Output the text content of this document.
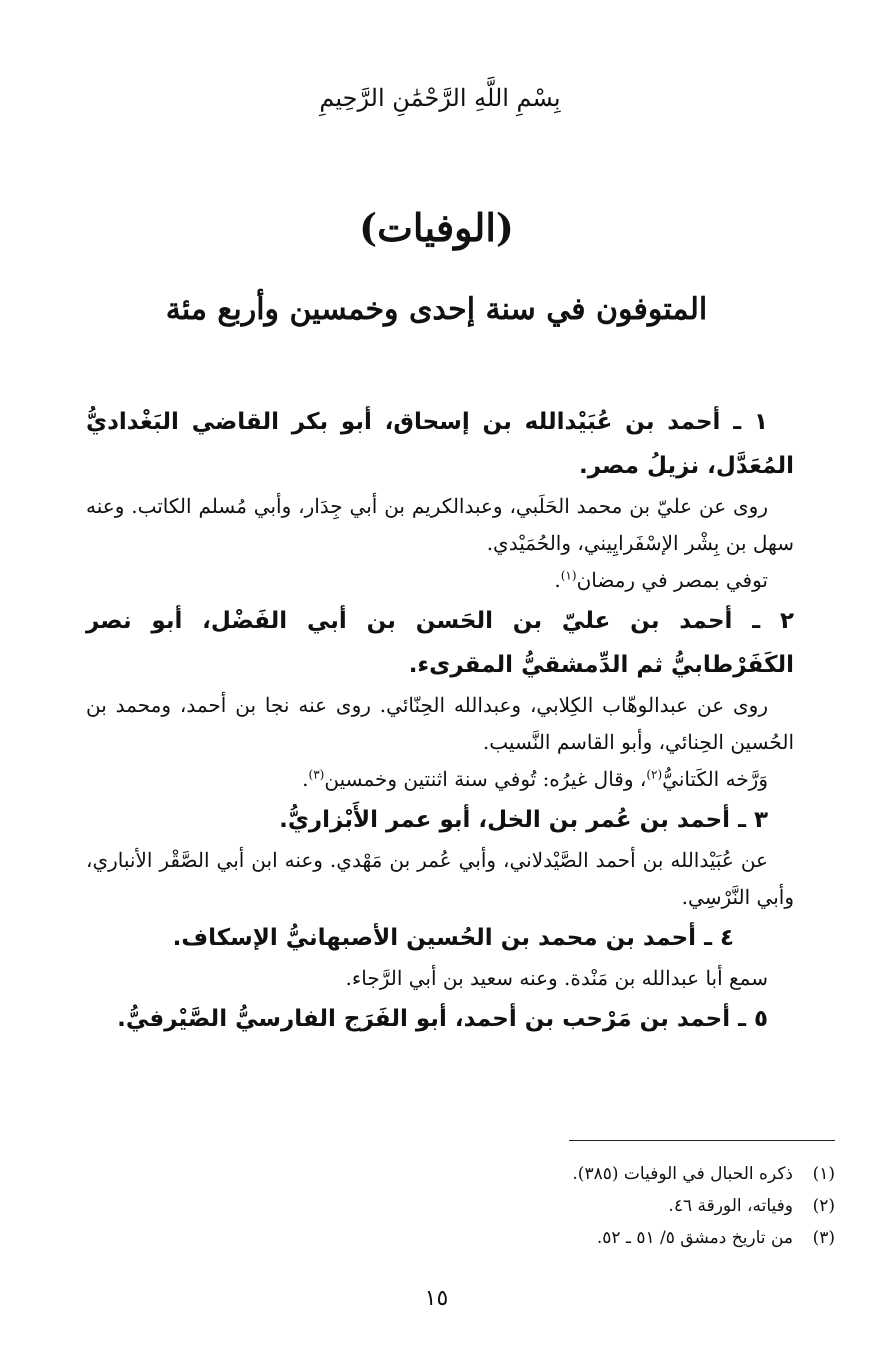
بِسْمِ اللَّهِ الرَّحْمَٰنِ الرَّحِيمِ
(الوفيات)
المتوفون في سنة إحدى وخمسين وأربع مئة

١ ـ أحمد بن عُبَيْدالله بن إسحاق، أبو بكر القاضي البَغْداديُّ المُعَدَّل، نزيلُ مصر.

روى عن عليّ بن محمد الحَلَبي، وعبدالكريم بن أبي جِدَار، وأبي مُسلم الكاتب. وعنه سهل بن بِشْر الإسْفَرايِيني، والحُمَيْدي.

توفي بمصر في رمضان$^{(١)}$.

٢ ـ أحمد بن عليّ بن الحَسن بن أبي الفَضْل، أبو نصر الكَفَرْطابيُّ ثم الدِّمشقيُّ المقرىء.

روى عن عبدالوهّاب الكِلابي، وعبدالله الحِنّائي. روى عنه نجا بن أحمد، ومحمد بن الحُسين الحِنائي، وأبو القاسم النَّسيب.

وَرَّخه الكَتانيُّ$^{(٢)}$، وقال غيرُه: تُوفي سنة اثنتين وخمسين$^{(٣)}$.

٣ ـ أحمد بن عُمر بن الخل، أبو عمر الأَبْزاريُّ.

عن عُبَيْدالله بن أحمد الصَّيْدلاني، وأبي عُمر بن مَهْدي. وعنه ابن أبي الصَّقْر الأنباري، وأبي النَّرْسِي.

٤ ـ أحمد بن محمد بن الحُسين الأصبهانيُّ الإسكاف.

سمع أبا عبدالله بن مَنْدة. وعنه سعيد بن أبي الرَّجاء.

٥ ـ أحمد بن مَرْحب بن أحمد، أبو الفَرَج الفارسيُّ الصَّيْرفيُّ.

(١)
ذكره الحبال في الوفيات (٣٨٥).
(٢)
وفياته، الورقة ٤٦.
(٣)
من تاريخ دمشق ٥/ ٥١ ـ ٥٢.
١٥
